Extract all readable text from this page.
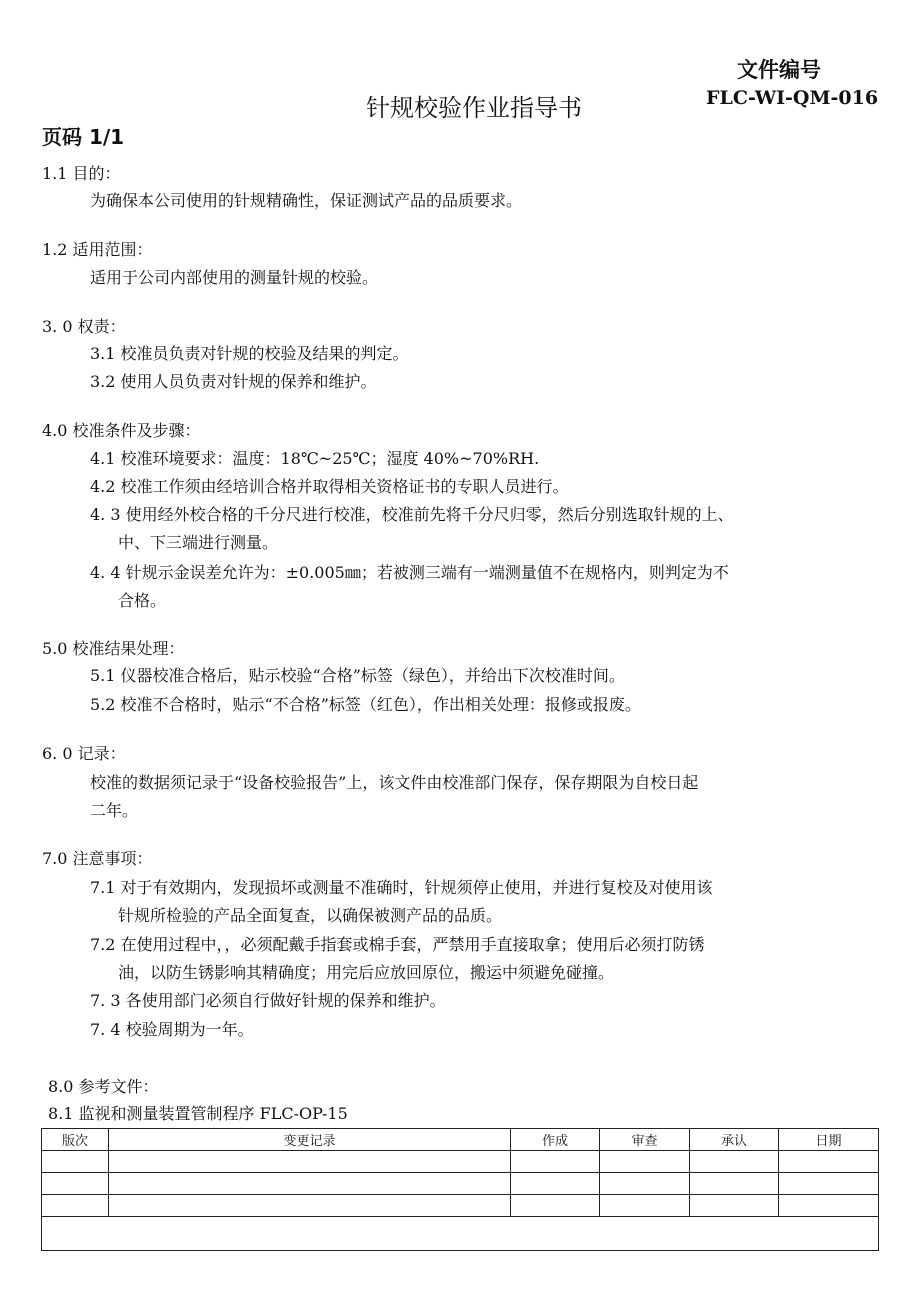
文件编号
针规校验作业指导书	FLC-WI-QM-016
页码 1/1
1.1 目的：
为确保本公司使用的针规精确性，保证测试产品的品质要求。
1.2 适用范围：
适用于公司内部使用的测量针规的校验。
3. 0 权责：
3.1 校准员负责对针规的校验及结果的判定。
3.2 使用人员负责对针规的保养和维护。
4.0 校准条件及步骤：
4.1 校准环境要求：温度：18℃~25℃；湿度 40%~70%RH.
4.2 校准工作须由经培训合格并取得相关资格证书的专职人员进行。
4. 3 使用经外校合格的千分尺进行校准，校准前先将千分尺归零，然后分别选取针规的上、
中、下三端进行测量。
4. 4 针规示金误差允许为：±0.005㎜；若被测三端有一端测量值不在规格内，则判定为不
合格。
5.0 校准结果处理：
5.1 仪器校准合格后，贴示校验“合格”标签（绿色），并给出下次校准时间。
5.2 校准不合格时，贴示“不合格”标签（红色），作出相关处理：报修或报废。
6. 0 记录：
校准的数据须记录于“设备校验报告”上，该文件由校准部门保存，保存期限为自校日起
二年。
7.0 注意事项：
7.1 对于有效期内，发现损坏或测量不准确时，针规须停止使用，并进行复校及对使用该
针规所检验的产品全面复查，以确保被测产品的品质。
7.2 在使用过程中，，必须配戴手指套或棉手套，严禁用手直接取拿；使用后必须打防锈
油，以防生锈影响其精确度；用完后应放回原位，搬运中须避免碰撞。
7. 3 各使用部门必须自行做好针规的保养和维护。
7. 4 校验周期为一年。
8.0 参考文件：
8.1 监视和测量装置管制程序 FLC-OP-15
版次	变更记录	作成	审查	承认	日期
